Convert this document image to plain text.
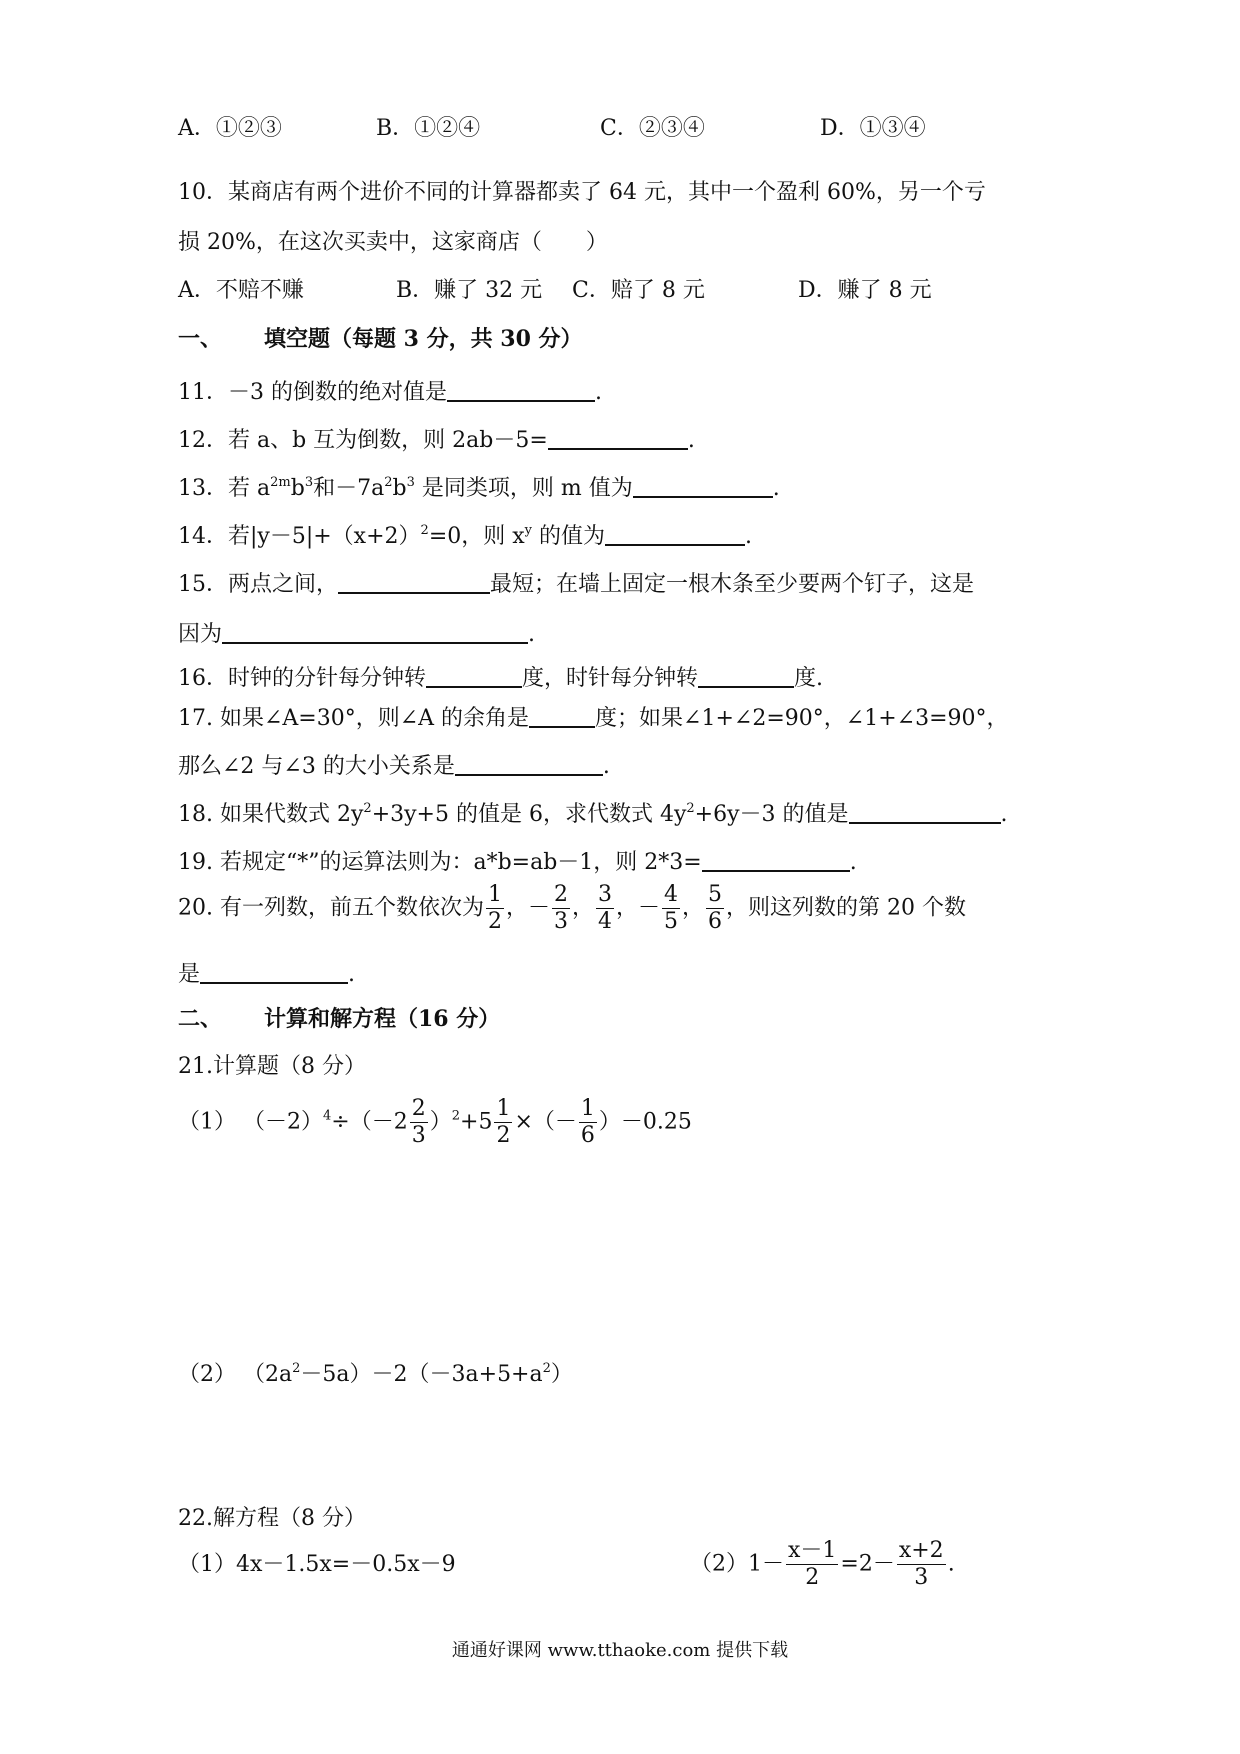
A．①②③	B．①②④	C．②③④	D．①③④
10．某商店有两个进价不同的计算器都卖了 64 元，其中一个盈利 60%，另一个亏
损 20%，在这次买卖中，这家商店（　　）
A．不赔不赚	B．赚了 32 元 C．赔了 8 元	D．赚了 8 元
一、 填空题（每题 3 分，共 30 分）
11．－3 的倒数的绝对值是	.
12．若 a、b 互为倒数，则 2ab－5=	.
13．若 $a^{2m}b^3$和$-7a^2b^3$ 是同类项，则 m 值为	.
14．若$|y-5|+(x+2)^2=0$，则 $x^y$ 的值为	.
15．两点之间，	最短；在墙上固定一根木条至少要两个钉子，这是
因为	.
16．时钟的分针每分钟转	度，时针每分钟转	度.
17. 如果∠A=30°，则∠A 的余角是	度；如果∠1+∠2=90°，∠1+∠3=90°，
那么∠2 与∠3 的大小关系是	.
18. 如果代数式 $2y^2+3y+5$ 的值是 6，求代数式 $4y^2+6y-3$ 的值是	.
19. 若规定“*”的运算法则为：a*b=ab－1，则 2*3=	.
20. 有一列数，前五个数依次为 $\frac{1}{2}$ ，－ $\frac{2}{3}$ ， $\frac{3}{4}$ ，－ $\frac{4}{5}$ ， $\frac{5}{6}$ ，则这列数的第 20 个数
是	.
二、 计算和解方程（16 分）
21.计算题（8 分）
（1） $(-2)^4\div(-2 \frac{2}{3} )^2+5 \frac{1}{2}$ ×（－ $\frac{1}{6} )-0.25$
（2） $(2a^2-5a)-2(-3a+5+a^2)$
22.解方程（8 分）
（1）4x－1.5x=－0.5x－9	$(2)1- \frac{x-1}{2} =2- \frac{x+2}{3}$ .
通通好课网 www.tthaoke.com 提供下载
